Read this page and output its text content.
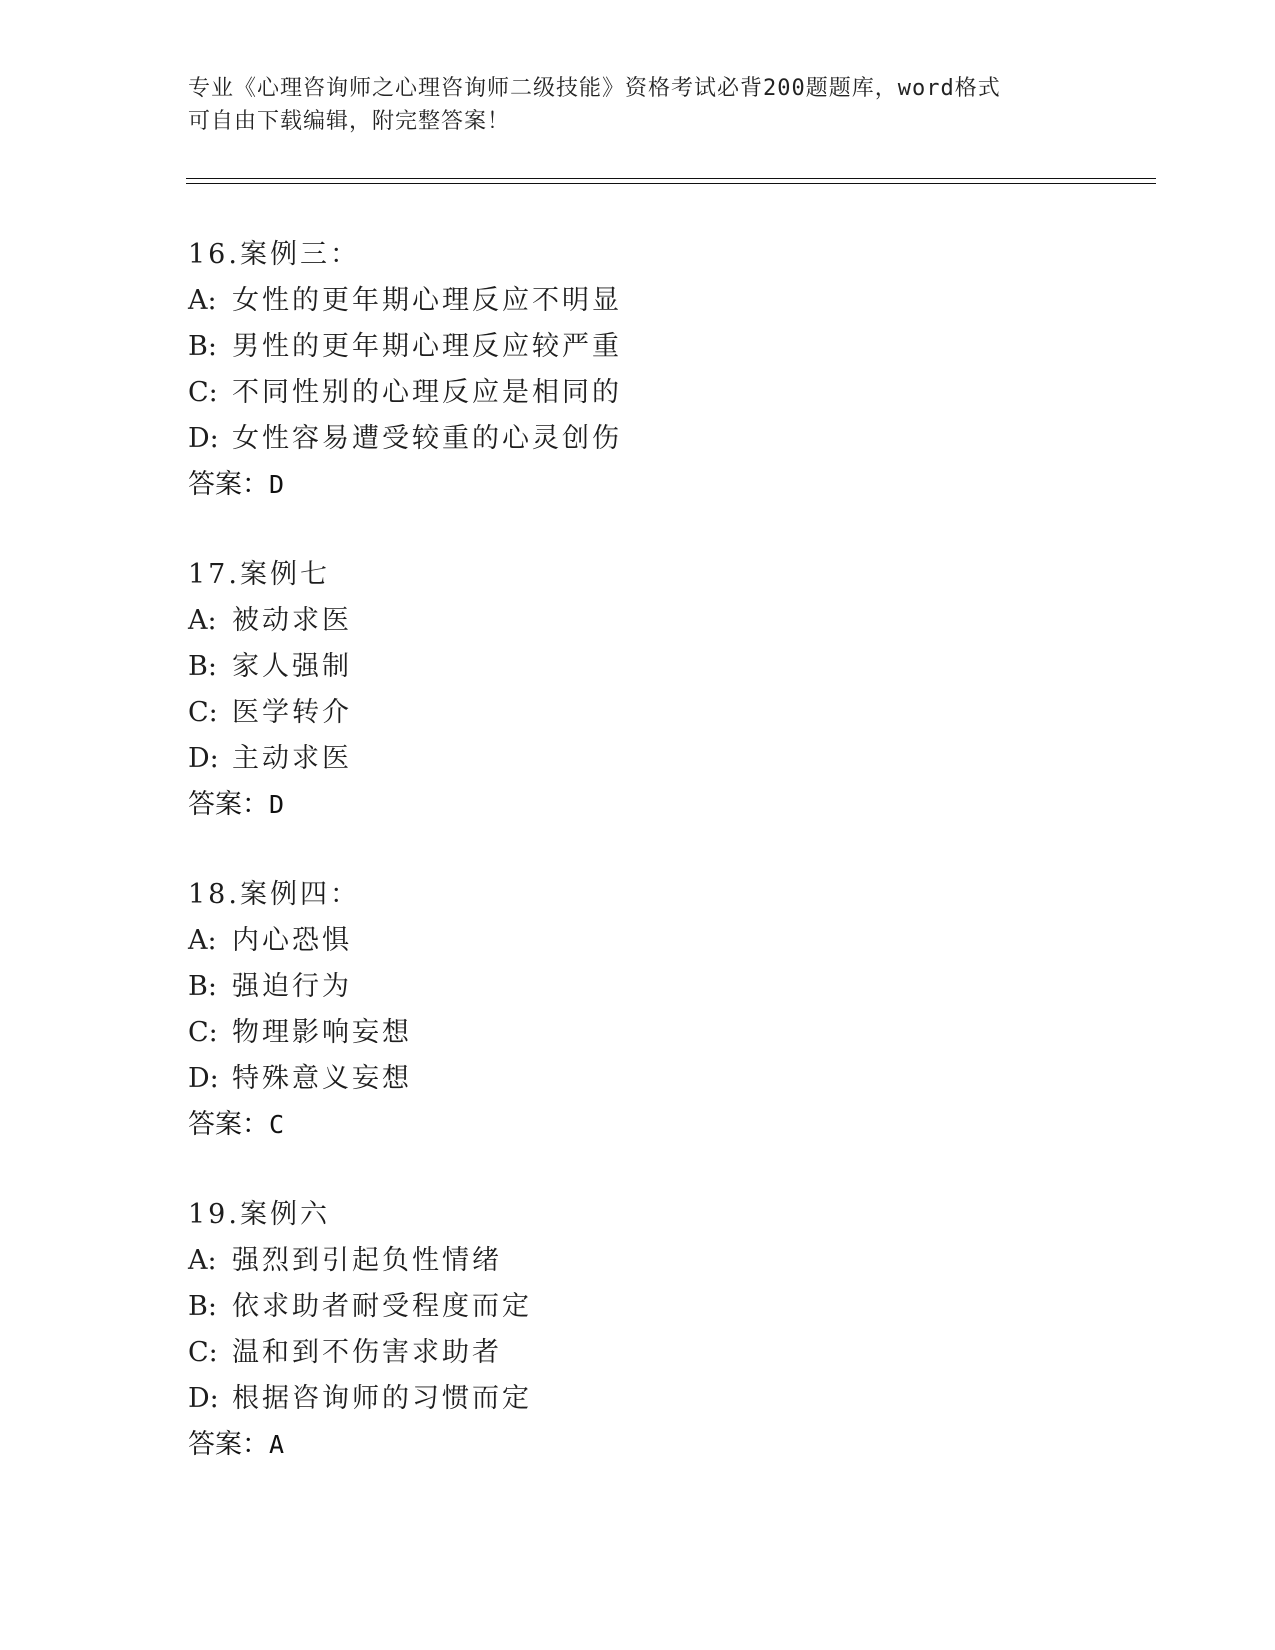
专业《心理咨询师之心理咨询师二级技能》资格考试必背200题题库，word格式
可自由下载编辑，附完整答案！
16.案例三：
A: 女性的更年期心理反应不明显
B: 男性的更年期心理反应较严重
C: 不同性别的心理反应是相同的
D: 女性容易遭受较重的心灵创伤
答案：D
17.案例七
A: 被动求医
B: 家人强制
C: 医学转介
D: 主动求医
答案：D
18.案例四：
A: 内心恐惧
B: 强迫行为
C: 物理影响妄想
D: 特殊意义妄想
答案：C
19.案例六
A: 强烈到引起负性情绪
B: 依求助者耐受程度而定
C: 温和到不伤害求助者
D: 根据咨询师的习惯而定
答案：A
